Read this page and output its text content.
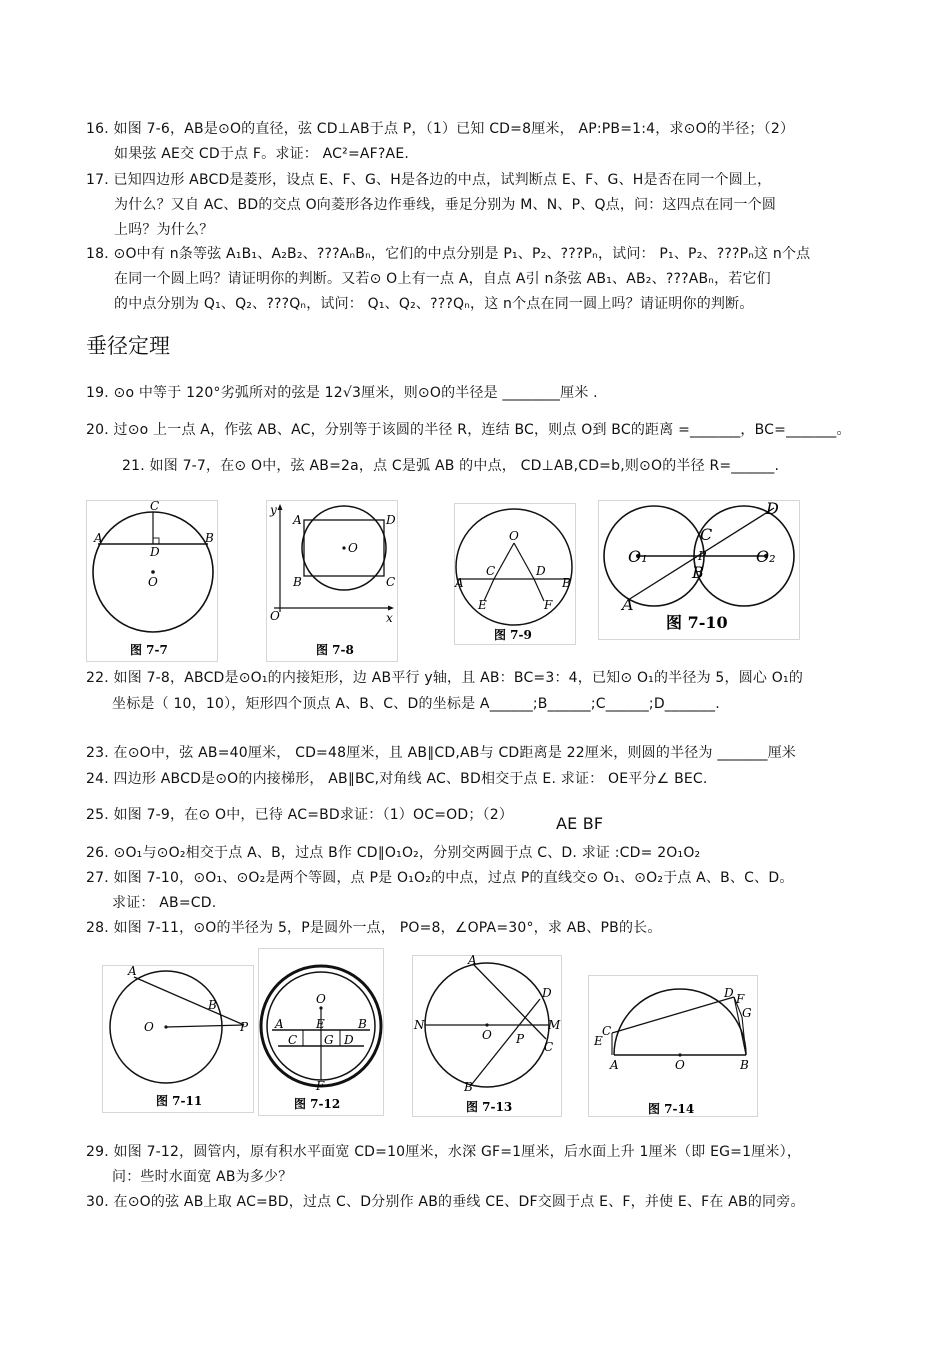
16. 如图 7-6，AB是⊙O的直径，弦 CD⊥AB于点 P，（1）已知 CD=8厘米， AP:PB=1:4，求⊙O的半径；（2）
如果弦 AE交 CD于点 F。求证： AC²=AF?AE.
17. 已知四边形 ABCD是菱形，设点 E、F、G、H是各边的中点，试判断点 E、F、G、H是否在同一个圆上，
为什么？又自 AC、BD的交点 O向菱形各边作垂线，垂足分别为 M、N、P、Q点，问：这四点在同一个圆
上吗？为什么？
18. ⊙O中有 n条等弦 A₁B₁、A₂B₂、???AₙBₙ，它们的中点分别是 P₁、P₂、???Pₙ，试问： P₁、P₂、???Pₙ这 n个点
在同一个圆上吗？请证明你的判断。又若⊙ O上有一点 A，自点 A引 n条弦 AB₁、AB₂、???ABₙ，若它们
的中点分别为 Q₁、Q₂、???Qₙ，试问： Q₁、Q₂、???Qₙ，这 n个点在同一圆上吗？请证明你的判断。
垂径定理
19. ⊙o 中等于 120°劣弧所对的弦是 12√3厘米，则⊙O的半径是 ________厘米 .
20. 过⊙o 上一点 A，作弦 AB、AC，分别等于该圆的半径 R，连结 BC，则点 O到 BC的距离 =_______，BC=_______。
21. 如图 7-7，在⊙ O中，弦 AB=2a，点 C是弧 AB 的中点， CD⊥AB,CD=b,则⊙O的半径 R=______.
A	B
C
D
O
图 7-7
y
x
O
A
B	C
D
O
图 7-8
O
A	B
C	D
E	F
图 7-9
O₁	O₂
A
B
C
D
P
图 7-10
22. 如图 7-8，ABCD是⊙O₁的内接矩形，边 AB平行 y轴，且 AB：BC=3：4，已知⊙ O₁的半径为 5，圆心 O₁的
坐标是（ 10，10），矩形四个顶点 A、B、C、D的坐标是 A______;B______;C______;D_______.
23. 在⊙O中，弦 AB=40厘米， CD=48厘米，且 AB∥CD,AB与 CD距离是 22厘米，则圆的半径为 _______厘米
24. 四边形 ABCD是⊙O的内接梯形， AB∥BC,对角线 AC、BD相交于点 E. 求证： OE平分∠ BEC.
25. 如图 7-9，在⊙ O中，已待 AC=BD求证：（1）OC=OD；（2）	AE BF
26. ⊙O₁与⊙O₂相交于点 A、B，过点 B作 CD∥O₁O₂，分别交两圆于点 C、D. 求证 :CD= 2O₁O₂
27. 如图 7-10，⊙O₁、⊙O₂是两个等圆，点 P是 O₁O₂的中点，过点 P的直线交⊙ O₁、⊙O₂于点 A、B、C、D。
求证： AB=CD.
28. 如图 7-11，⊙O的半径为 5，P是圆外一点， PO=8，∠OPA=30°，求 AB、PB的长。
A
B
O	P
图 7-11
O
A	E	B
C G D
F
图 7-12
A
D
N
O
M
P
C
B
图 7-13
D F
G
C
E
A	O	B
图 7-14
29. 如图 7-12，圆管内，原有积水平面宽 CD=10厘米，水深 GF=1厘米，后水面上升 1厘米（即 EG=1厘米），
问：些时水面宽 AB为多少？
30. 在⊙O的弦 AB上取 AC=BD，过点 C、D分别作 AB的垂线 CE、DF交圆于点 E、F，并使 E、F在 AB的同旁。
